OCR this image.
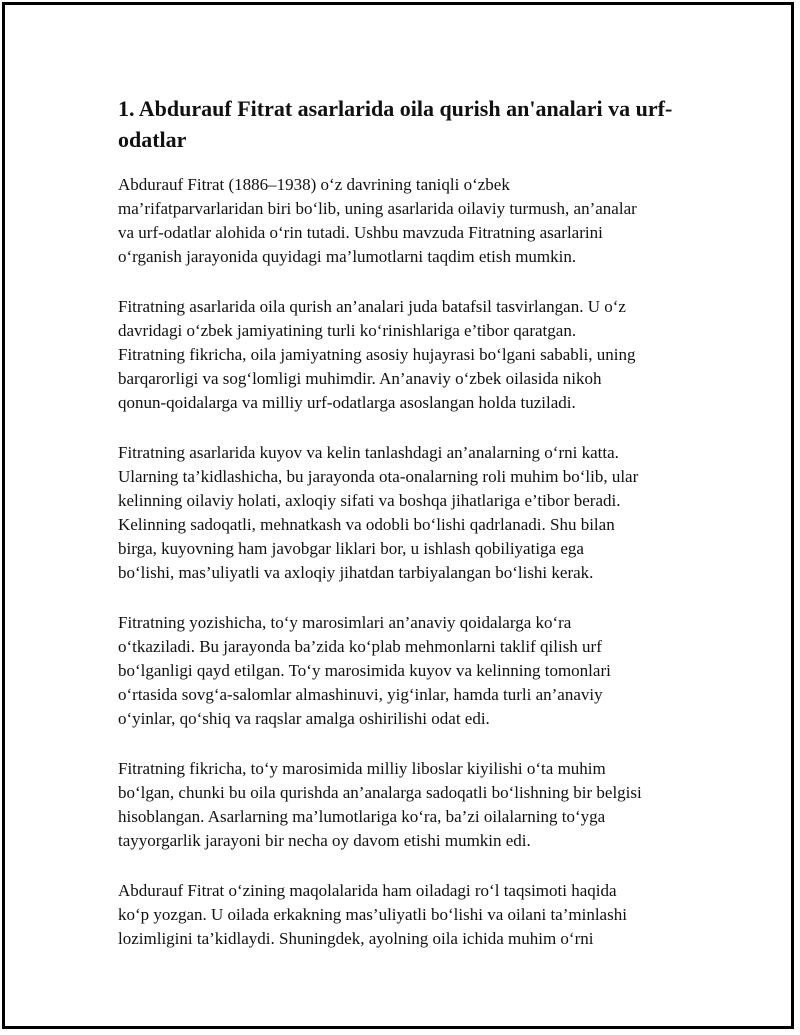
1. Abdurauf Fitrat asarlarida oila qurish an'analari va urf-
odatlar

Abdurauf Fitrat (1886–1938) o‘z davrining taniqli o‘zbek
ma’rifatparvarlaridan biri bo‘lib, uning asarlarida oilaviy turmush, an’analar
va urf-odatlar alohida o‘rin tutadi. Ushbu mavzuda Fitratning asarlarini
o‘rganish jarayonida quyidagi ma’lumotlarni taqdim etish mumkin.

Fitratning asarlarida oila qurish an’analari juda batafsil tasvirlangan. U o‘z
davridagi o‘zbek jamiyatining turli ko‘rinishlariga e’tibor qaratgan.
Fitratning fikricha, oila jamiyatning asosiy hujayrasi bo‘lgani sababli, uning
barqarorligi va sog‘lomligi muhimdir. An’anaviy o‘zbek oilasida nikoh
qonun-qoidalarga va milliy urf-odatlarga asoslangan holda tuziladi.

Fitratning asarlarida kuyov va kelin tanlashdagi an’analarning o‘rni katta.
Ularning ta’kidlashicha, bu jarayonda ota-onalarning roli muhim bo‘lib, ular
kelinning oilaviy holati, axloqiy sifati va boshqa jihatlariga e’tibor beradi.
Kelinning sadoqatli, mehnatkash va odobli bo‘lishi qadrlanadi. Shu bilan
birga, kuyovning ham javobgar liklari bor, u ishlash qobiliyatiga ega
bo‘lishi, mas’uliyatli va axloqiy jihatdan tarbiyalangan bo‘lishi kerak.

Fitratning yozishicha, to‘y marosimlari an’anaviy qoidalarga ko‘ra
o‘tkaziladi. Bu jarayonda ba’zida ko‘plab mehmonlarni taklif qilish urf
bo‘lganligi qayd etilgan. To‘y marosimida kuyov va kelinning tomonlari
o‘rtasida sovg‘a-salomlar almashinuvi, yig‘inlar, hamda turli an’anaviy
o‘yinlar, qo‘shiq va raqslar amalga oshirilishi odat edi.

Fitratning fikricha, to‘y marosimida milliy liboslar kiyilishi o‘ta muhim
bo‘lgan, chunki bu oila qurishda an’analarga sadoqatli bo‘lishning bir belgisi
hisoblangan. Asarlarning ma’lumotlariga ko‘ra, ba’zi oilalarning to‘yga
tayyorgarlik jarayoni bir necha oy davom etishi mumkin edi.

Abdurauf Fitrat o‘zining maqolalarida ham oiladagi ro‘l taqsimoti haqida
ko‘p yozgan. U oilada erkakning mas’uliyatli bo‘lishi va oilani ta’minlashi
lozimligini ta’kidlaydi. Shuningdek, ayolning oila ichida muhim o‘rni
